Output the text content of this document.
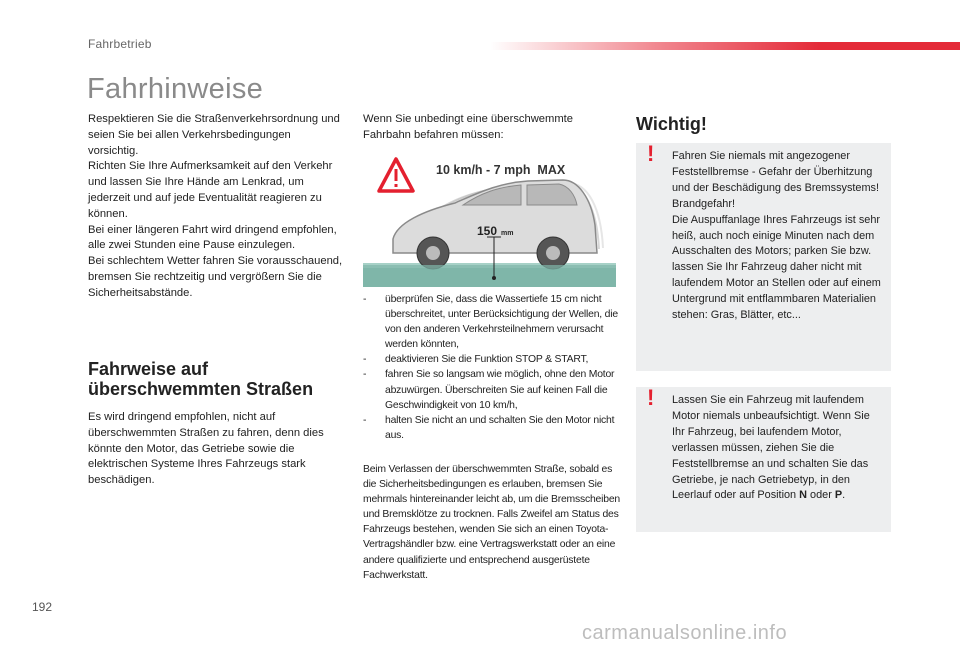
Fahrbetrieb
Fahrhinweise
Respektieren Sie die Straßenverkehrsordnung und seien Sie bei allen Verkehrsbedingungen vorsichtig.
Richten Sie Ihre Aufmerksamkeit auf den Verkehr und lassen Sie Ihre Hände am Lenkrad, um jederzeit und auf jede Eventualität reagieren zu können.
Bei einer längeren Fahrt wird dringend empfohlen, alle zwei Stunden eine Pause einzulegen.
Bei schlechtem Wetter fahren Sie vorausschauend, bremsen Sie rechtzeitig und vergrößern Sie die Sicherheitsabstände.
Fahrweise auf überschwemmten Straßen
Es wird dringend empfohlen, nicht auf überschwemmten Straßen zu fahren, denn dies könnte den Motor, das Getriebe sowie die elektrischen Systeme Ihres Fahrzeugs stark beschädigen.
Wenn Sie unbedingt eine überschwemmte Fahrbahn befahren müssen:
150 mm
10 km/h - 7 mph  MAX
- überprüfen Sie, dass die Wassertiefe 15 cm nicht überschreitet, unter Berücksichtigung der Wellen, die von den anderen Verkehrsteilnehmern verursacht werden könnten,
- deaktivieren Sie die Funktion STOP & START,
- fahren Sie so langsam wie möglich, ohne den Motor abzuwürgen. Überschreiten Sie auf keinen Fall die Geschwindigkeit von 10 km/h,
- halten Sie nicht an und schalten Sie den Motor nicht aus.
Beim Verlassen der überschwemmten Straße, sobald es die Sicherheitsbedingungen es erlauben, bremsen Sie mehrmals hintereinander leicht ab, um die Bremsscheiben und Bremsklötze zu trocknen. Falls Zweifel am Status des Fahrzeugs bestehen, wenden Sie sich an einen Toyota-Vertragshändler bzw. eine Vertragswerkstatt oder an eine andere qualifizierte und entsprechend ausgerüstete Fachwerkstatt.
Wichtig!
! Fahren Sie niemals mit angezogener Feststellbremse - Gefahr der Überhitzung und der Beschädigung des Bremssystems!
Brandgefahr!
Die Auspuffanlage Ihres Fahrzeugs ist sehr heiß, auch noch einige Minuten nach dem Ausschalten des Motors; parken Sie bzw. lassen Sie Ihr Fahrzeug daher nicht mit laufendem Motor an Stellen oder auf einem Untergrund mit entflammbaren Materialien stehen: Gras, Blätter, etc...
! Lassen Sie ein Fahrzeug mit laufendem Motor niemals unbeaufsichtigt. Wenn Sie Ihr Fahrzeug, bei laufendem Motor, verlassen müssen, ziehen Sie die Feststellbremse an und schalten Sie das Getriebe, je nach Getriebetyp, in den Leerlauf oder auf Position N oder P.
192
carmanualsonline.info
